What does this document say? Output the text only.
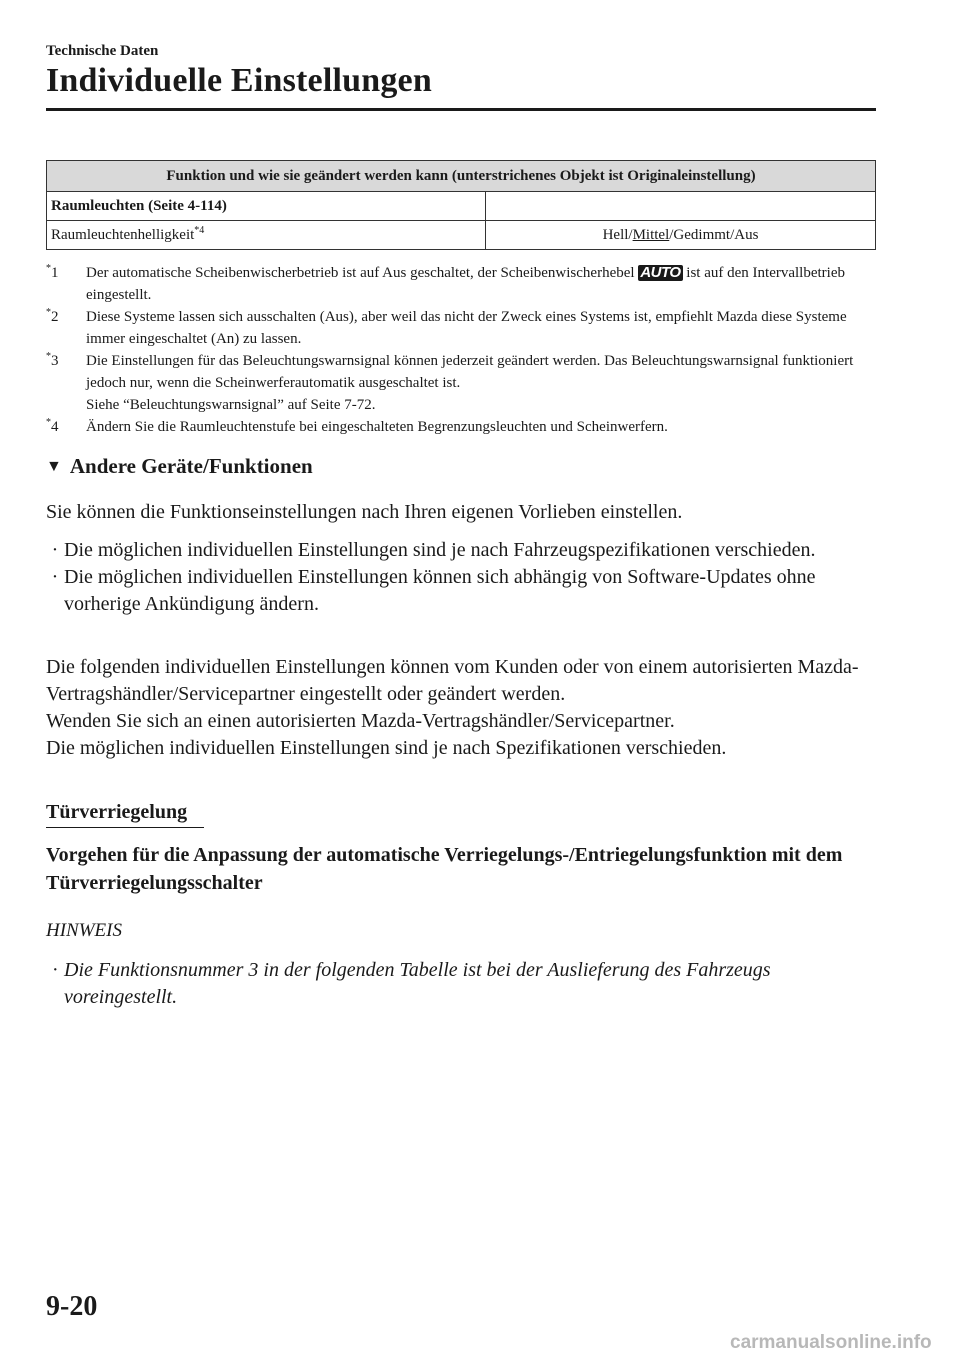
Technische Daten
Individuelle Einstellungen
Funktion und wie sie geändert werden kann (unterstrichenes Objekt ist Originaleinstellung)	
Raumleuchten (Seite 4-114)	
Raumleuchtenhelligkeit$^{*4}$	Hell/Mittel/Gedimmt/Aus
*1	Der automatische Scheibenwischerbetrieb ist auf Aus geschaltet, der Scheibenwischerhebel AUTO ist auf den Intervallbetrieb eingestellt.
*2	Diese Systeme lassen sich ausschalten (Aus), aber weil das nicht der Zweck eines Systems ist, empfiehlt Mazda diese Systeme immer eingeschaltet (An) zu lassen.
*3	Die Einstellungen für das Beleuchtungswarnsignal können jederzeit geändert werden. Das Beleuchtungswarnsignal funktioniert jedoch nur, wenn die Scheinwerferautomatik ausgeschaltet ist.
Siehe “Beleuchtungswarnsignal” auf Seite 7-72.
*4	Ändern Sie die Raumleuchtenstufe bei eingeschalteten Begrenzungsleuchten und Scheinwerfern.
▼ Andere Geräte/Funktionen
Sie können die Funktionseinstellungen nach Ihren eigenen Vorlieben einstellen.
· Die möglichen individuellen Einstellungen sind je nach Fahrzeugspezifikationen verschieden.
· Die möglichen individuellen Einstellungen können sich abhängig von Software-Updates ohne vorherige Ankündigung ändern.
Die folgenden individuellen Einstellungen können vom Kunden oder von einem autorisierten Mazda-Vertragshändler/Servicepartner eingestellt oder geändert werden.
Wenden Sie sich an einen autorisierten Mazda-Vertragshändler/Servicepartner.
Die möglichen individuellen Einstellungen sind je nach Spezifikationen verschieden.
Türverriegelung
Vorgehen für die Anpassung der automatische Verriegelungs-/Entriegelungsfunktion mit dem Türverriegelungsschalter
HINWEIS
· Die Funktionsnummer 3 in der folgenden Tabelle ist bei der Auslieferung des Fahrzeugs voreingestellt.
9-20
carmanualsonline.info
